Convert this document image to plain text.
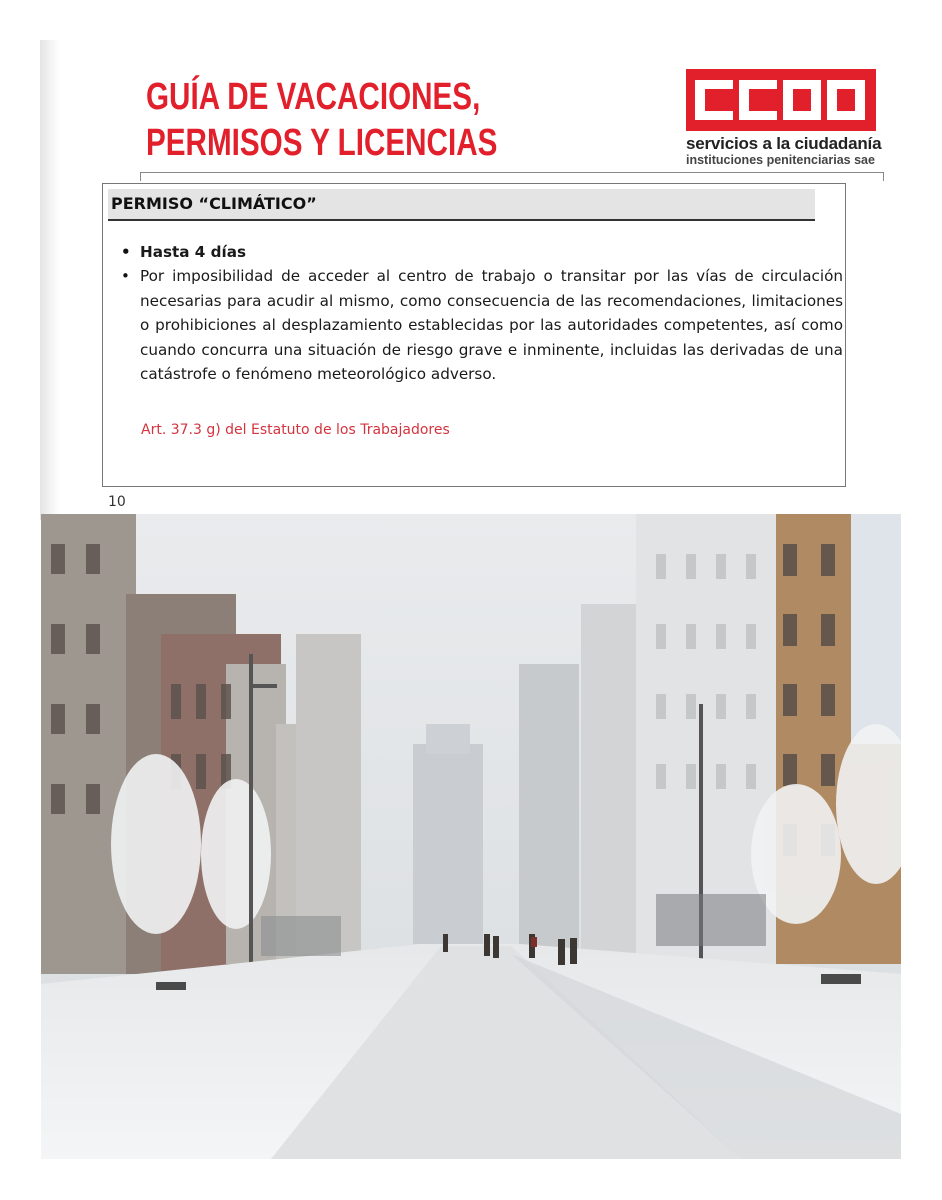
GUÍA DE VACACIONES,
PERMISOS Y LICENCIAS	servicios a la ciudadanía
instituciones penitenciarias sae
PERMISO “CLIMÁTICO”
• Hasta 4 días
• Por imposibilidad de acceder al centro de trabajo o transitar por las vías de circulación necesarias para acudir al mismo, como consecuencia de las recomendaciones, limitaciones o prohibiciones al desplazamiento establecidas por las autoridades competentes, así como cuando concurra una situación de riesgo grave e inminente, incluidas las derivadas de una catástrofe o fenómeno meteorológico adverso.
Art. 37.3 g) del Estatuto de los Trabajadores
10
